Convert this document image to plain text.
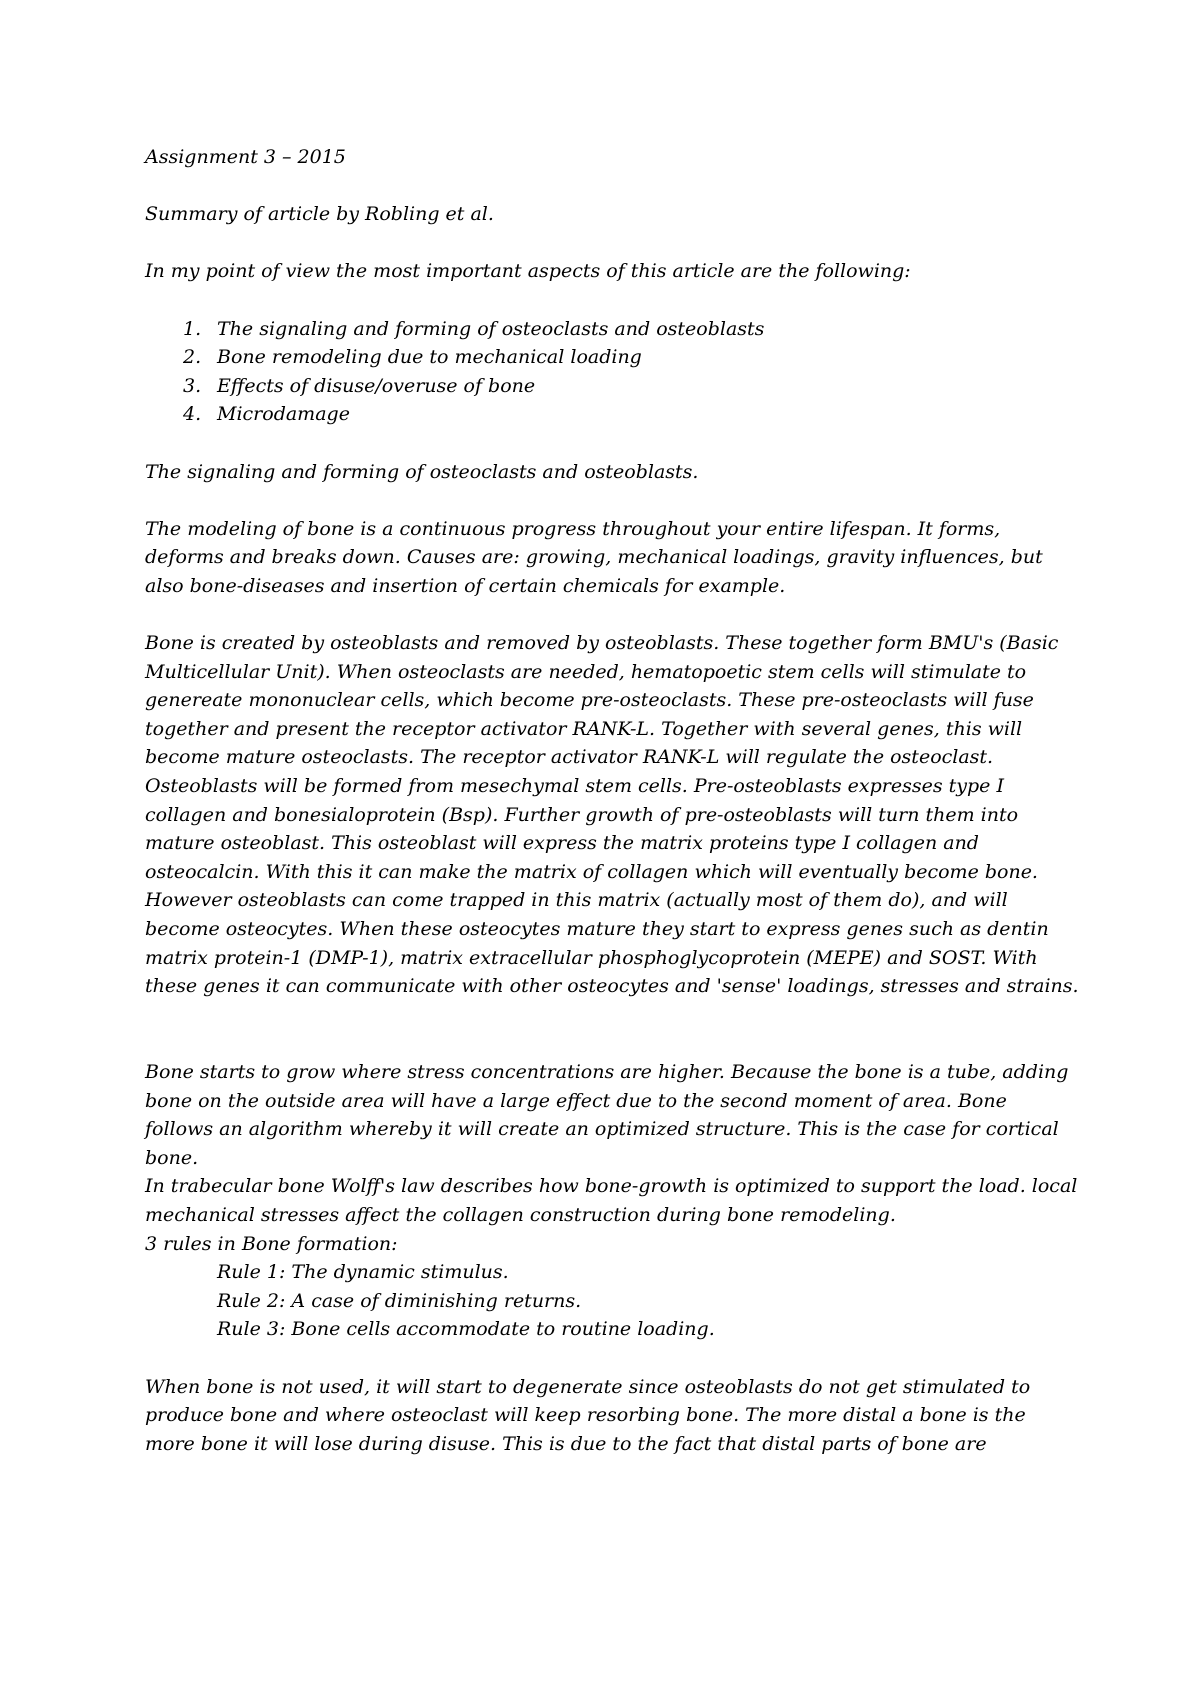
Assignment 3 – 2015

Summary of article by Robling et al.

In my point of view the most important aspects of this article are the following:

1. The signaling and forming of osteoclasts and osteoblasts
2. Bone remodeling due to mechanical loading
3. Effects of disuse/overuse of bone
4. Microdamage

The signaling and forming of osteoclasts and osteoblasts.

The modeling of bone is a continuous progress throughout your entire lifespan. It forms, deforms and breaks down. Causes are: growing, mechanical loadings, gravity influences, but also bone-diseases and insertion of certain chemicals for example.

Bone is created by osteoblasts and removed by osteoblasts. These together form BMU's (Basic Multicellular Unit). When osteoclasts are needed, hematopoetic stem cells will stimulate to genereate mononuclear cells, which become pre-osteoclasts. These pre-osteoclasts will fuse together and present the receptor activator RANK-L. Together with several genes, this will become mature osteoclasts. The receptor activator RANK-L will regulate the osteoclast.

Osteoblasts will be formed from mesechymal stem cells. Pre-osteoblasts expresses type I collagen and bonesialoprotein (Bsp). Further growth of pre-osteoblasts will turn them into mature osteoblast. This osteoblast will express the matrix proteins type I collagen and osteocalcin. With this it can make the matrix of collagen which will eventually become bone.

However osteoblasts can come trapped in this matrix (actually most of them do), and will become osteocytes. When these osteocytes mature they start to express genes such as dentin matrix protein-1 (DMP-1), matrix extracellular phosphoglycoprotein (MEPE) and SOST. With these genes it can communicate with other osteocytes and 'sense' loadings, stresses and strains.

Bone starts to grow where stress concentrations are higher. Because the bone is a tube, adding bone on the outside area will have a large effect due to the second moment of area. Bone follows an algorithm whereby it will create an optimized structure. This is the case for cortical bone.

In trabecular bone Wolff's law describes how bone-growth is optimized to support the load. local mechanical stresses affect the collagen construction during bone remodeling.

3 rules in Bone formation:

Rule 1: The dynamic stimulus.

Rule 2: A case of diminishing returns.

Rule 3: Bone cells accommodate to routine loading.

When bone is not used, it will start to degenerate since osteoblasts do not get stimulated to produce bone and where osteoclast will keep resorbing bone. The more distal a bone is the more bone it will lose during disuse. This is due to the fact that distal parts of bone are
